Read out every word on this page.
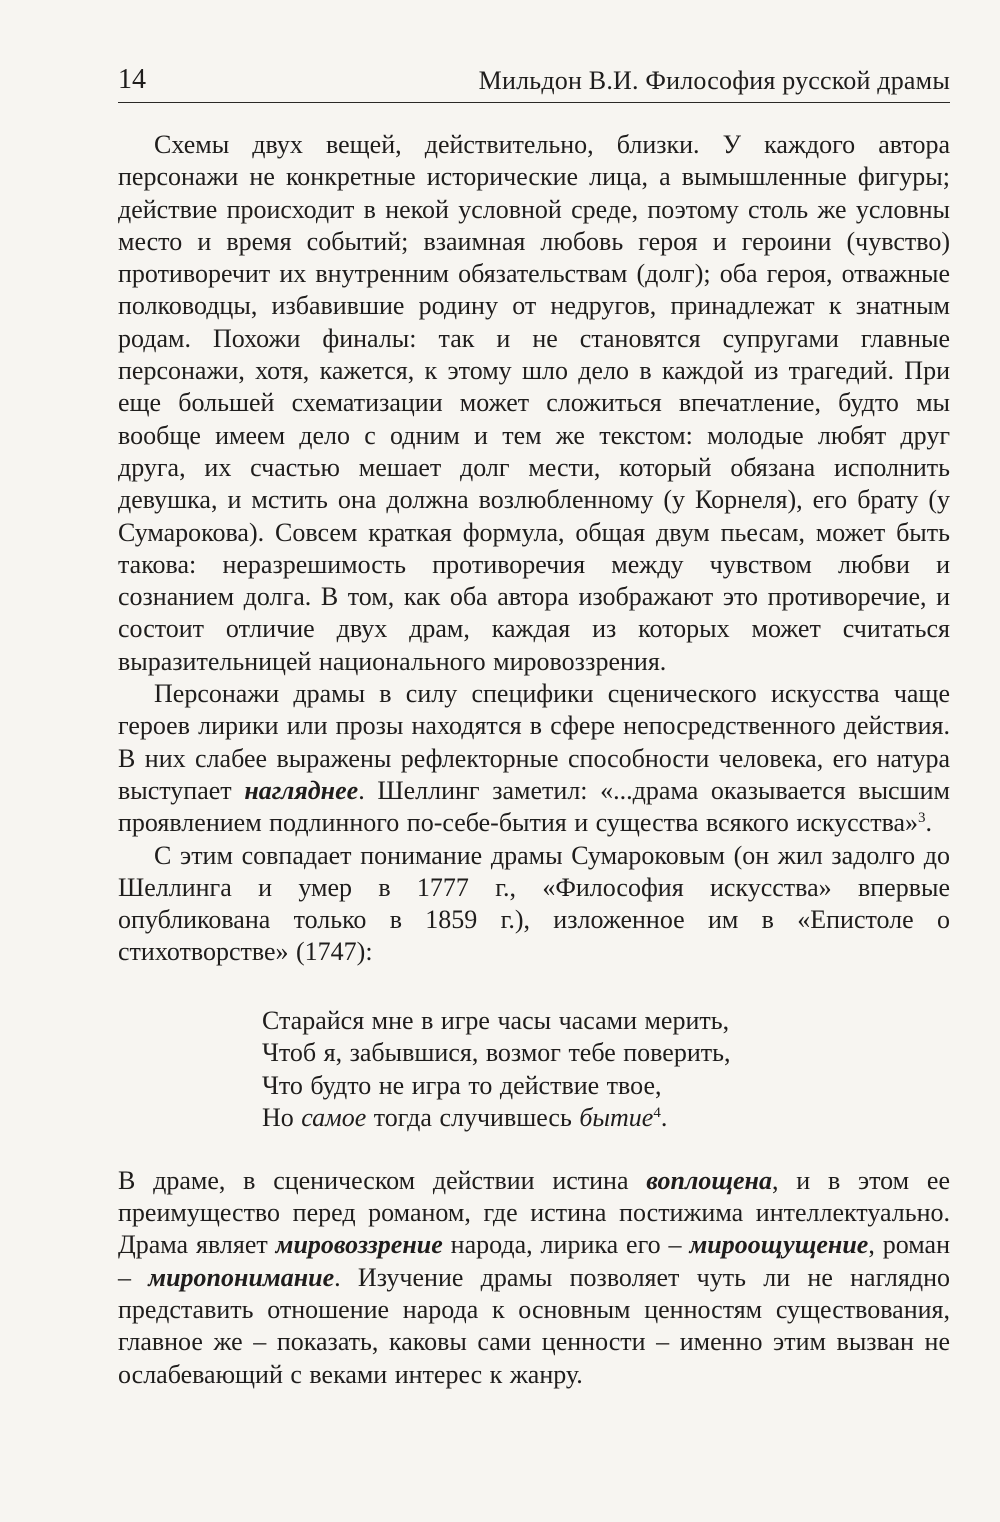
14	Мильдон В.И. Философия русской драмы

Схемы двух вещей, действительно, близки. У каждого автора персонажи не конкретные исторические лица, а вымышленные фигуры; действие происходит в некой условной среде, поэтому столь же условны место и время событий; взаимная любовь героя и героини (чувство) противоречит их внутренним обязательствам (долг); оба героя, отважные полководцы, избавившие родину от недругов, принадлежат к знатным родам. Похожи финалы: так и не становятся супругами главные персонажи, хотя, кажется, к этому шло дело в каждой из трагедий. При еще большей схематизации может сложиться впечатление, будто мы вообще имеем дело с одним и тем же текстом: молодые любят друг друга, их счастью мешает долг мести, который обязана исполнить девушка, и мстить она должна возлюбленному (у Корнеля), его брату (у Сумарокова). Совсем краткая формула, общая двум пьесам, может быть такова: неразрешимость противоречия между чувством любви и сознанием долга. В том, как оба автора изображают это противоречие, и состоит отличие двух драм, каждая из которых может считаться выразительницей национального мировоззрения.

Персонажи драмы в силу специфики сценического искусства чаще героев лирики или прозы находятся в сфере непосредственного действия. В них слабее выражены рефлекторные способности человека, его натура выступает нагляднее. Шеллинг заметил: «...драма оказывается высшим проявлением подлинного по-себе-бытия и существа всякого искусства»$^3$.

С этим совпадает понимание драмы Сумароковым (он жил задолго до Шеллинга и умер в 1777 г., «Философия искусства» впервые опубликована только в 1859 г.), изложенное им в «Епистоле о стихотворстве» (1747):

Старайся мне в игре часы часами мерить,
Чтоб я, забывшися, возмог тебе поверить,
Что будто не игра то действие твое,
Но самое тогда случившесь бытие$^4$.

В драме, в сценическом действии истина воплощена, и в этом ее преимущество перед романом, где истина постижима интеллектуально. Драма являет мировоззрение народа, лирика его – мироощущение, роман – миропонимание. Изучение драмы позволяет чуть ли не наглядно представить отношение народа к основным ценностям существования, главное же – показать, каковы сами ценности – именно этим вызван не ослабевающий с веками интерес к жанру.
